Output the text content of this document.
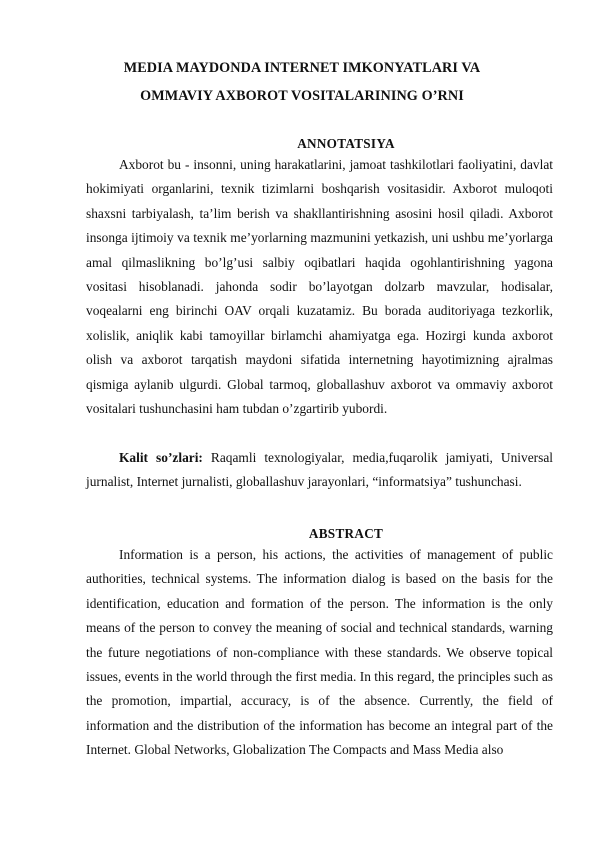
MEDIA MAYDONDA INTERNET IMKONYATLARI VA
OMMAVIY AXBOROT VOSITALARINING O’RNI
ANNOTATSIYA
Axborot bu - insonni, uning harakatlarini, jamoat tashkilotlari faoliyatini, davlat hokimiyati organlarini, texnik tizimlarni boshqarish vositasidir. Axborot muloqoti shaxsni tarbiyalash, ta’lim berish va shakllantirishning asosini hosil qiladi. Axborot insonga ijtimoiy va texnik me’yorlarning mazmunini yetkazish, uni ushbu me’yorlarga amal qilmaslikning bo’lg’usi salbiy oqibatlari haqida ogohlantirishning yagona vositasi hisoblanadi. jahonda sodir bo’layotgan dolzarb mavzular, hodisalar, voqealarni eng birinchi OAV orqali kuzatamiz. Bu borada auditoriyaga tezkorlik, xolislik, aniqlik kabi tamoyillar birlamchi ahamiyatga ega. Hozirgi kunda axborot olish va axborot tarqatish maydoni sifatida internetning hayotimizning ajralmas qismiga aylanib ulgurdi. Global tarmoq, globallashuv axborot va ommaviy axborot vositalari tushunchasini ham tubdan o’zgartirib yubordi.
Kalit so’zlari: Raqamli texnologiyalar, media,fuqarolik jamiyati, Universal jurnalist, Internet jurnalisti, globallashuv jarayonlari, “informatsiya” tushunchasi.
ABSTRACT
Information is a person, his actions, the activities of management of public authorities, technical systems. The information dialog is based on the basis for the identification, education and formation of the person. The information is the only means of the person to convey the meaning of social and technical standards, warning the future negotiations of non-compliance with these standards. We observe topical issues, events in the world through the first media. In this regard, the principles such as the promotion, impartial, accuracy, is of the absence. Currently, the field of information and the distribution of the information has become an integral part of the Internet. Global Networks, Globalization The Compacts and Mass Media also
